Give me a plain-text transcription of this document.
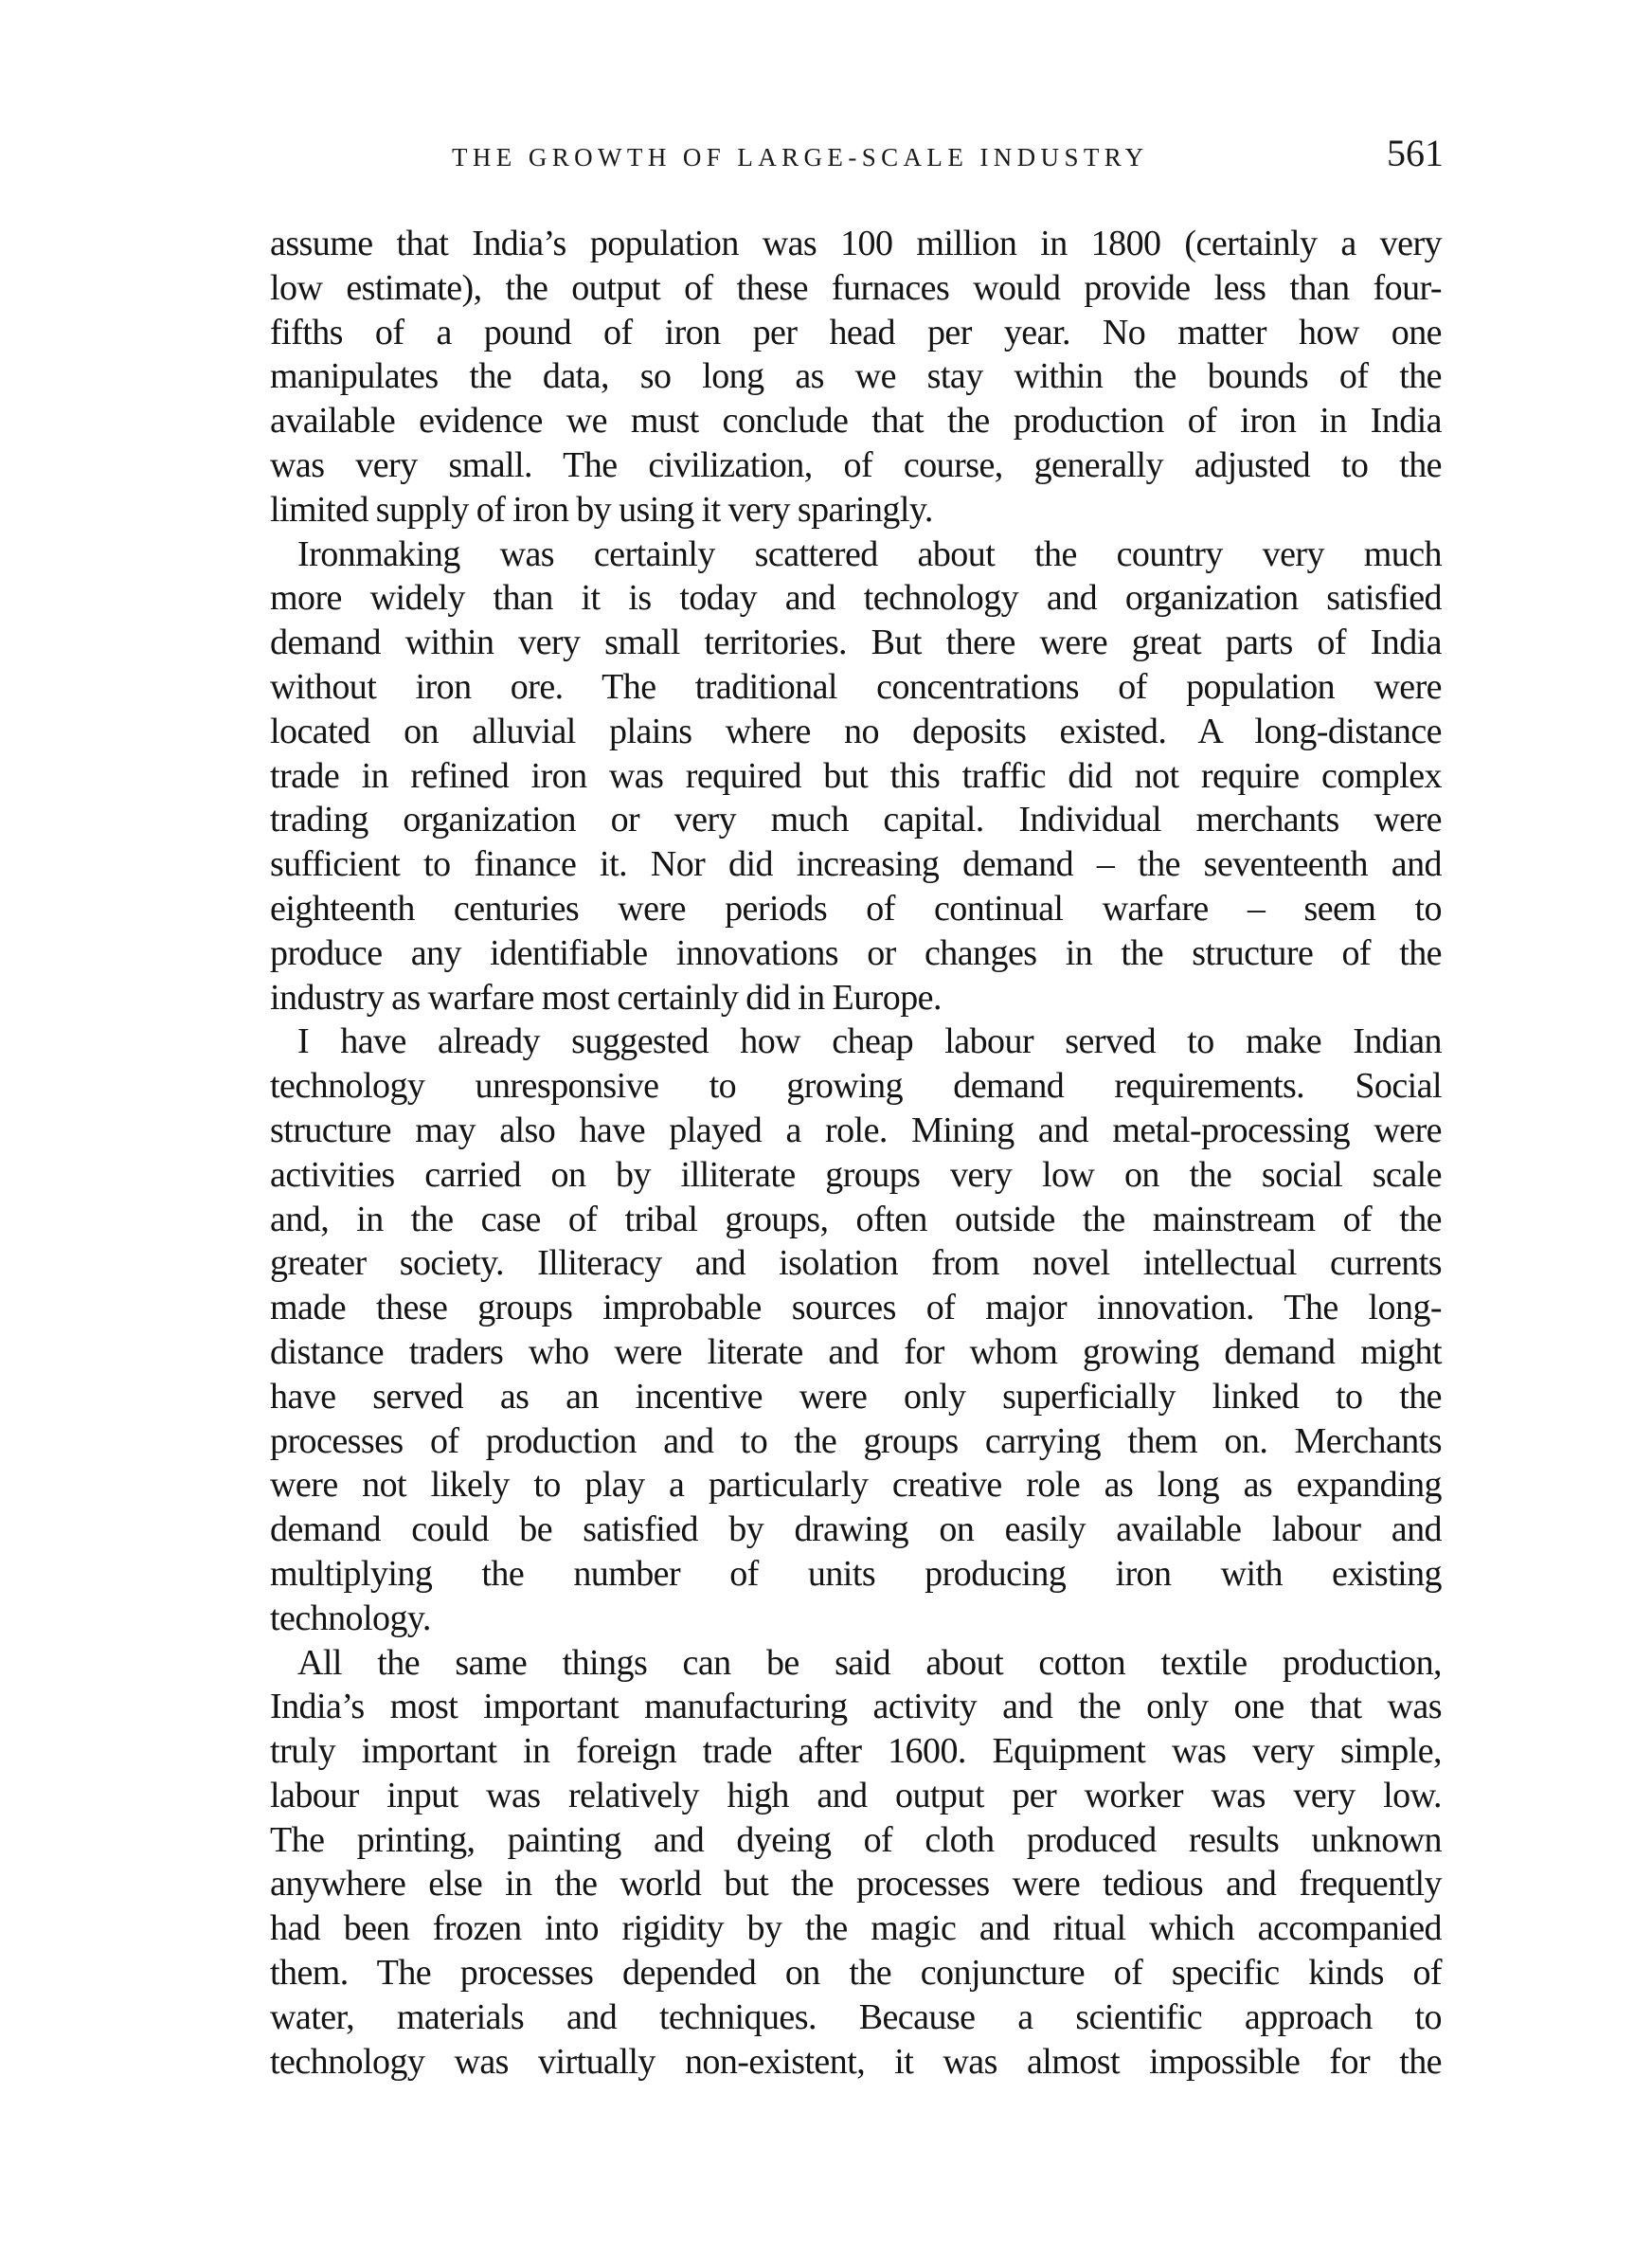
THE GROWTH OF LARGE-SCALE INDUSTRY	561
assume that India’s population was 100 million in 1800 (certainly a very
low estimate), the output of these furnaces would provide less than four-
fifths of a pound of iron per head per year. No matter how one
manipulates the data, so long as we stay within the bounds of the
available evidence we must conclude that the production of iron in India
was very small. The civilization, of course, generally adjusted to the
limited supply of iron by using it very sparingly.
Ironmaking was certainly scattered about the country very much
more widely than it is today and technology and organization satisfied
demand within very small territories. But there were great parts of India
without iron ore. The traditional concentrations of population were
located on alluvial plains where no deposits existed. A long-distance
trade in refined iron was required but this traffic did not require complex
trading organization or very much capital. Individual merchants were
sufficient to finance it. Nor did increasing demand – the seventeenth and
eighteenth centuries were periods of continual warfare – seem to
produce any identifiable innovations or changes in the structure of the
industry as warfare most certainly did in Europe.
I have already suggested how cheap labour served to make Indian
technology unresponsive to growing demand requirements. Social
structure may also have played a role. Mining and metal-processing were
activities carried on by illiterate groups very low on the social scale
and, in the case of tribal groups, often outside the mainstream of the
greater society. Illiteracy and isolation from novel intellectual currents
made these groups improbable sources of major innovation. The long-
distance traders who were literate and for whom growing demand might
have served as an incentive were only superficially linked to the
processes of production and to the groups carrying them on. Merchants
were not likely to play a particularly creative role as long as expanding
demand could be satisfied by drawing on easily available labour and
multiplying the number of units producing iron with existing
technology.
All the same things can be said about cotton textile production,
India’s most important manufacturing activity and the only one that was
truly important in foreign trade after 1600. Equipment was very simple,
labour input was relatively high and output per worker was very low.
The printing, painting and dyeing of cloth produced results unknown
anywhere else in the world but the processes were tedious and frequently
had been frozen into rigidity by the magic and ritual which accompanied
them. The processes depended on the conjuncture of specific kinds of
water, materials and techniques. Because a scientific approach to
technology was virtually non-existent, it was almost impossible for the
